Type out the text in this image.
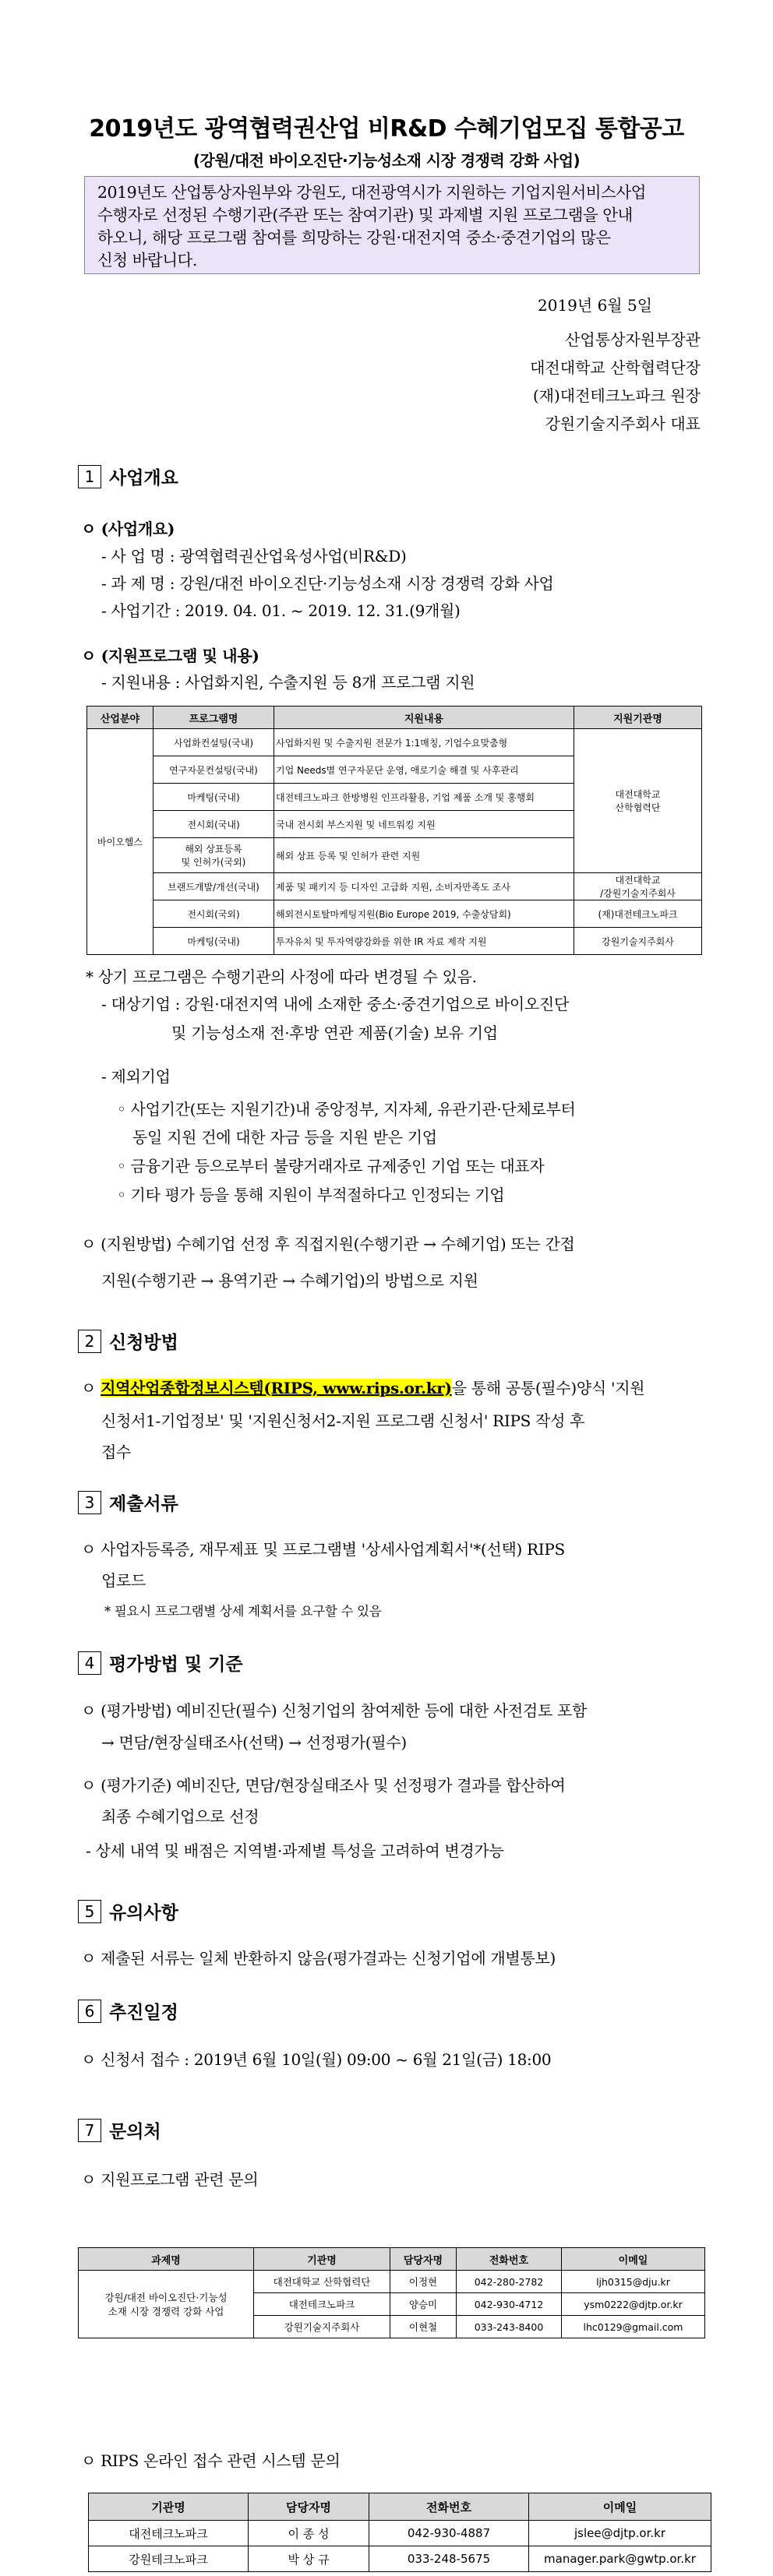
2019년도 광역협력권산업 비R&D 수혜기업모집 통합공고
(강원/대전 바이오진단·기능성소재 시장 경쟁력 강화 사업)
2019년도 산업통상자원부와 강원도, 대전광역시가 지원하는 기업지원서비스사업
수행자로 선정된 수행기관(주관 또는 참여기관) 및 과제별 지원 프로그램을 안내
하오니, 해당 프로그램 참여를 희망하는 강원·대전지역 중소·중견기업의 많은
신청 바랍니다.
2019년 6월 5일
산업통상자원부장관
대전대학교 산학협력단장
(재)대전테크노파크 원장
강원기술지주회사 대표
1 사업개요
ㅇ (사업개요)
- 사 업 명 : 광역협력권산업육성사업(비R&D)
- 과 제 명 : 강원/대전 바이오진단·기능성소재 시장 경쟁력 강화 사업
- 사업기간 : 2019. 04. 01. ~ 2019. 12. 31.(9개월)
ㅇ (지원프로그램 및 내용)
- 지원내용 : 사업화지원, 수출지원 등 8개 프로그램 지원
산업분야	프로그램명	지원내용	지원기관명
바이오헬스	사업화컨설팅(국내)	사업화지원 및 수출지원 전문가 1:1매칭, 기업수요맞춤형	대전대학교
산학협력단
	연구자문컨설팅(국내)	기업 Needs별 연구자문단 운영, 애로기술 해결 및 사후관리	
	마케팅(국내)	대전테크노파크 한방병원 인프라활용, 기업 제품 소개 및 홍행회	
	전시회(국내)	국내 전시회 부스지원 및 네트워킹 지원	
	해외 상표등록
및 인허가(국외)	해외 상표 등록 및 인허가 관련 지원	
	브랜드개발/개선(국내)	제품 및 패키지 등 디자인 고급화 지원, 소비자만족도 조사	대전대학교
/강원기술지주회사
	전시회(국외)	해외전시토탈마케팅지원(Bio Europe 2019, 수출상담회)	(재)대전테크노파크
	마케팅(국내)	투자유치 및 투자역량강화를 위한 IR 자료 제작 지원	강원기술지주회사
* 상기 프로그램은 수행기관의 사정에 따라 변경될 수 있음.
- 대상기업 : 강원·대전지역 내에 소재한 중소·중견기업으로 바이오진단
및 기능성소재 전·후방 연관 제품(기술) 보유 기업
- 제외기업
◦ 사업기간(또는 지원기간)내 중앙정부, 지자체, 유관기관·단체로부터
동일 지원 건에 대한 자금 등을 지원 받은 기업
◦ 금융기관 등으로부터 불량거래자로 규제중인 기업 또는 대표자
◦ 기타 평가 등을 통해 지원이 부적절하다고 인정되는 기업
ㅇ (지원방법) 수혜기업 선정 후 직접지원(수행기관 → 수혜기업) 또는 간접
지원(수행기관 → 용역기관 → 수혜기업)의 방법으로 지원
2 신청방법
ㅇ 지역산업종합정보시스템(RIPS, www.rips.or.kr)을 통해 공통(필수)양식 '지원
신청서1-기업정보' 및 '지원신청서2-지원 프로그램 신청서' RIPS 작성 후
접수
3 제출서류
ㅇ 사업자등록증, 재무제표 및 프로그램별 '상세사업계획서'*(선택) RIPS
업로드
* 필요시 프로그램별 상세 계획서를 요구할 수 있음
4 평가방법 및 기준
ㅇ (평가방법) 예비진단(필수) 신청기업의 참여제한 등에 대한 사전검토 포함
→ 면담/현장실태조사(선택) → 선정평가(필수)
ㅇ (평가기준) 예비진단, 면담/현장실태조사 및 선정평가 결과를 합산하여
최종 수혜기업으로 선정
- 상세 내역 및 배점은 지역별·과제별 특성을 고려하여 변경가능
5 유의사항
ㅇ 제출된 서류는 일체 반환하지 않음(평가결과는 신청기업에 개별통보)
6 추진일정
ㅇ 신청서 접수 : 2019년 6월 10일(월) 09:00 ~ 6월 21일(금) 18:00
7 문의처
ㅇ 지원프로그램 관련 문의
과제명	기관명	담당자명	전화번호	이메일
강원/대전 바이오진단·기능성
소재 시장 경쟁력 강화 사업	대전대학교 산학협력단	이정현	042-280-2782	ljh0315@dju.kr
	대전테크노파크	양승미	042-930-4712	ysm0222@djtp.or.kr
	강원기술지주회사	이현철	033-243-8400	lhc0129@gmail.com
ㅇ RIPS 온라인 접수 관련 시스템 문의
기관명	담당자명	전화번호	이메일
대전테크노파크	이 종 성	042-930-4887	jslee@djtp.or.kr
강원테크노파크	박 상 규	033-248-5675	manager.park@gwtp.or.kr
